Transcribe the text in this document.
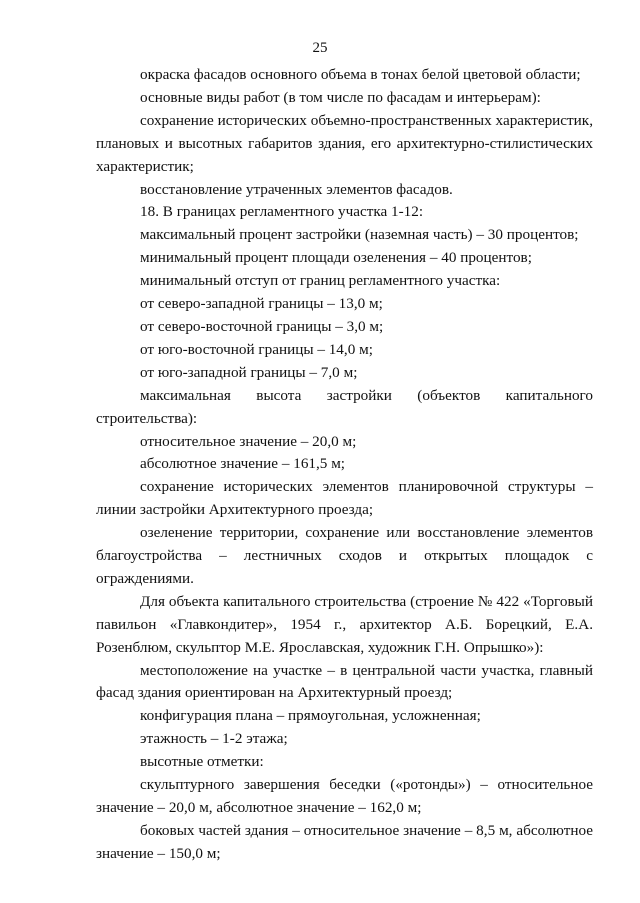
25

окраска фасадов основного объема в тонах белой цветовой области;

основные виды работ (в том числе по фасадам и интерьерам):

сохранение исторических объемно-пространственных характеристик, плановых и высотных габаритов здания, его архитектурно-стилистических характеристик;

восстановление утраченных элементов фасадов.

18. В границах регламентного участка 1-12:

максимальный процент застройки (наземная часть) – 30 процентов;

минимальный процент площади озеленения – 40 процентов;

минимальный отступ от границ регламентного участка:

от северо-западной границы – 13,0 м;

от северо-восточной границы – 3,0 м;

от юго-восточной границы – 14,0 м;

от юго-западной границы – 7,0 м;

максимальная высота застройки (объектов капитального строительства):

относительное значение – 20,0 м;

абсолютное значение – 161,5 м;

сохранение исторических элементов планировочной структуры – линии застройки Архитектурного проезда;

озеленение территории, сохранение или восстановление элементов благоустройства – лестничных сходов и открытых площадок с ограждениями.

Для объекта капитального строительства (строение № 422 «Торговый павильон «Главкондитер», 1954 г., архитектор А.Б. Борецкий, Е.А. Розенблюм, скульптор М.Е. Ярославская, художник Г.Н. Опрышко»):

местоположение на участке – в центральной части участка, главный фасад здания ориентирован на Архитектурный проезд;

конфигурация плана – прямоугольная, усложненная;

этажность – 1-2 этажа;

высотные отметки:

скульптурного завершения беседки («ротонды») – относительное значение – 20,0 м, абсолютное значение – 162,0 м;

боковых частей здания – относительное значение – 8,5 м, абсолютное значение – 150,0 м;
